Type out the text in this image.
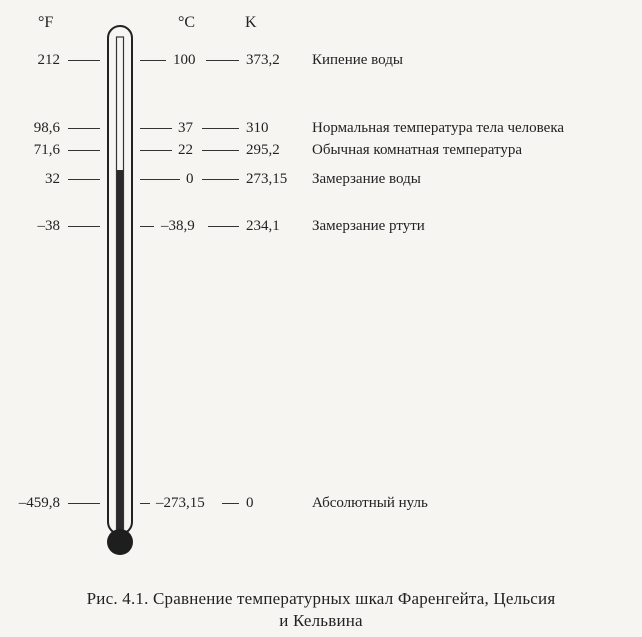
°F	°C	K
212	100	373,2 Кипение воды
98,6	37	310	Нормальная температура тела человека
71,6	22	295,2 Обычная комнатная температура
32	0	273,15 Замерзание воды
–38	–38,9	234,1 Замерзание ртути
–459,8	–273,15	0	Абсолютный нуль
Рис. 4.1. Сравнение температурных шкал Фаренгейта, Цельсия
и Кельвина
